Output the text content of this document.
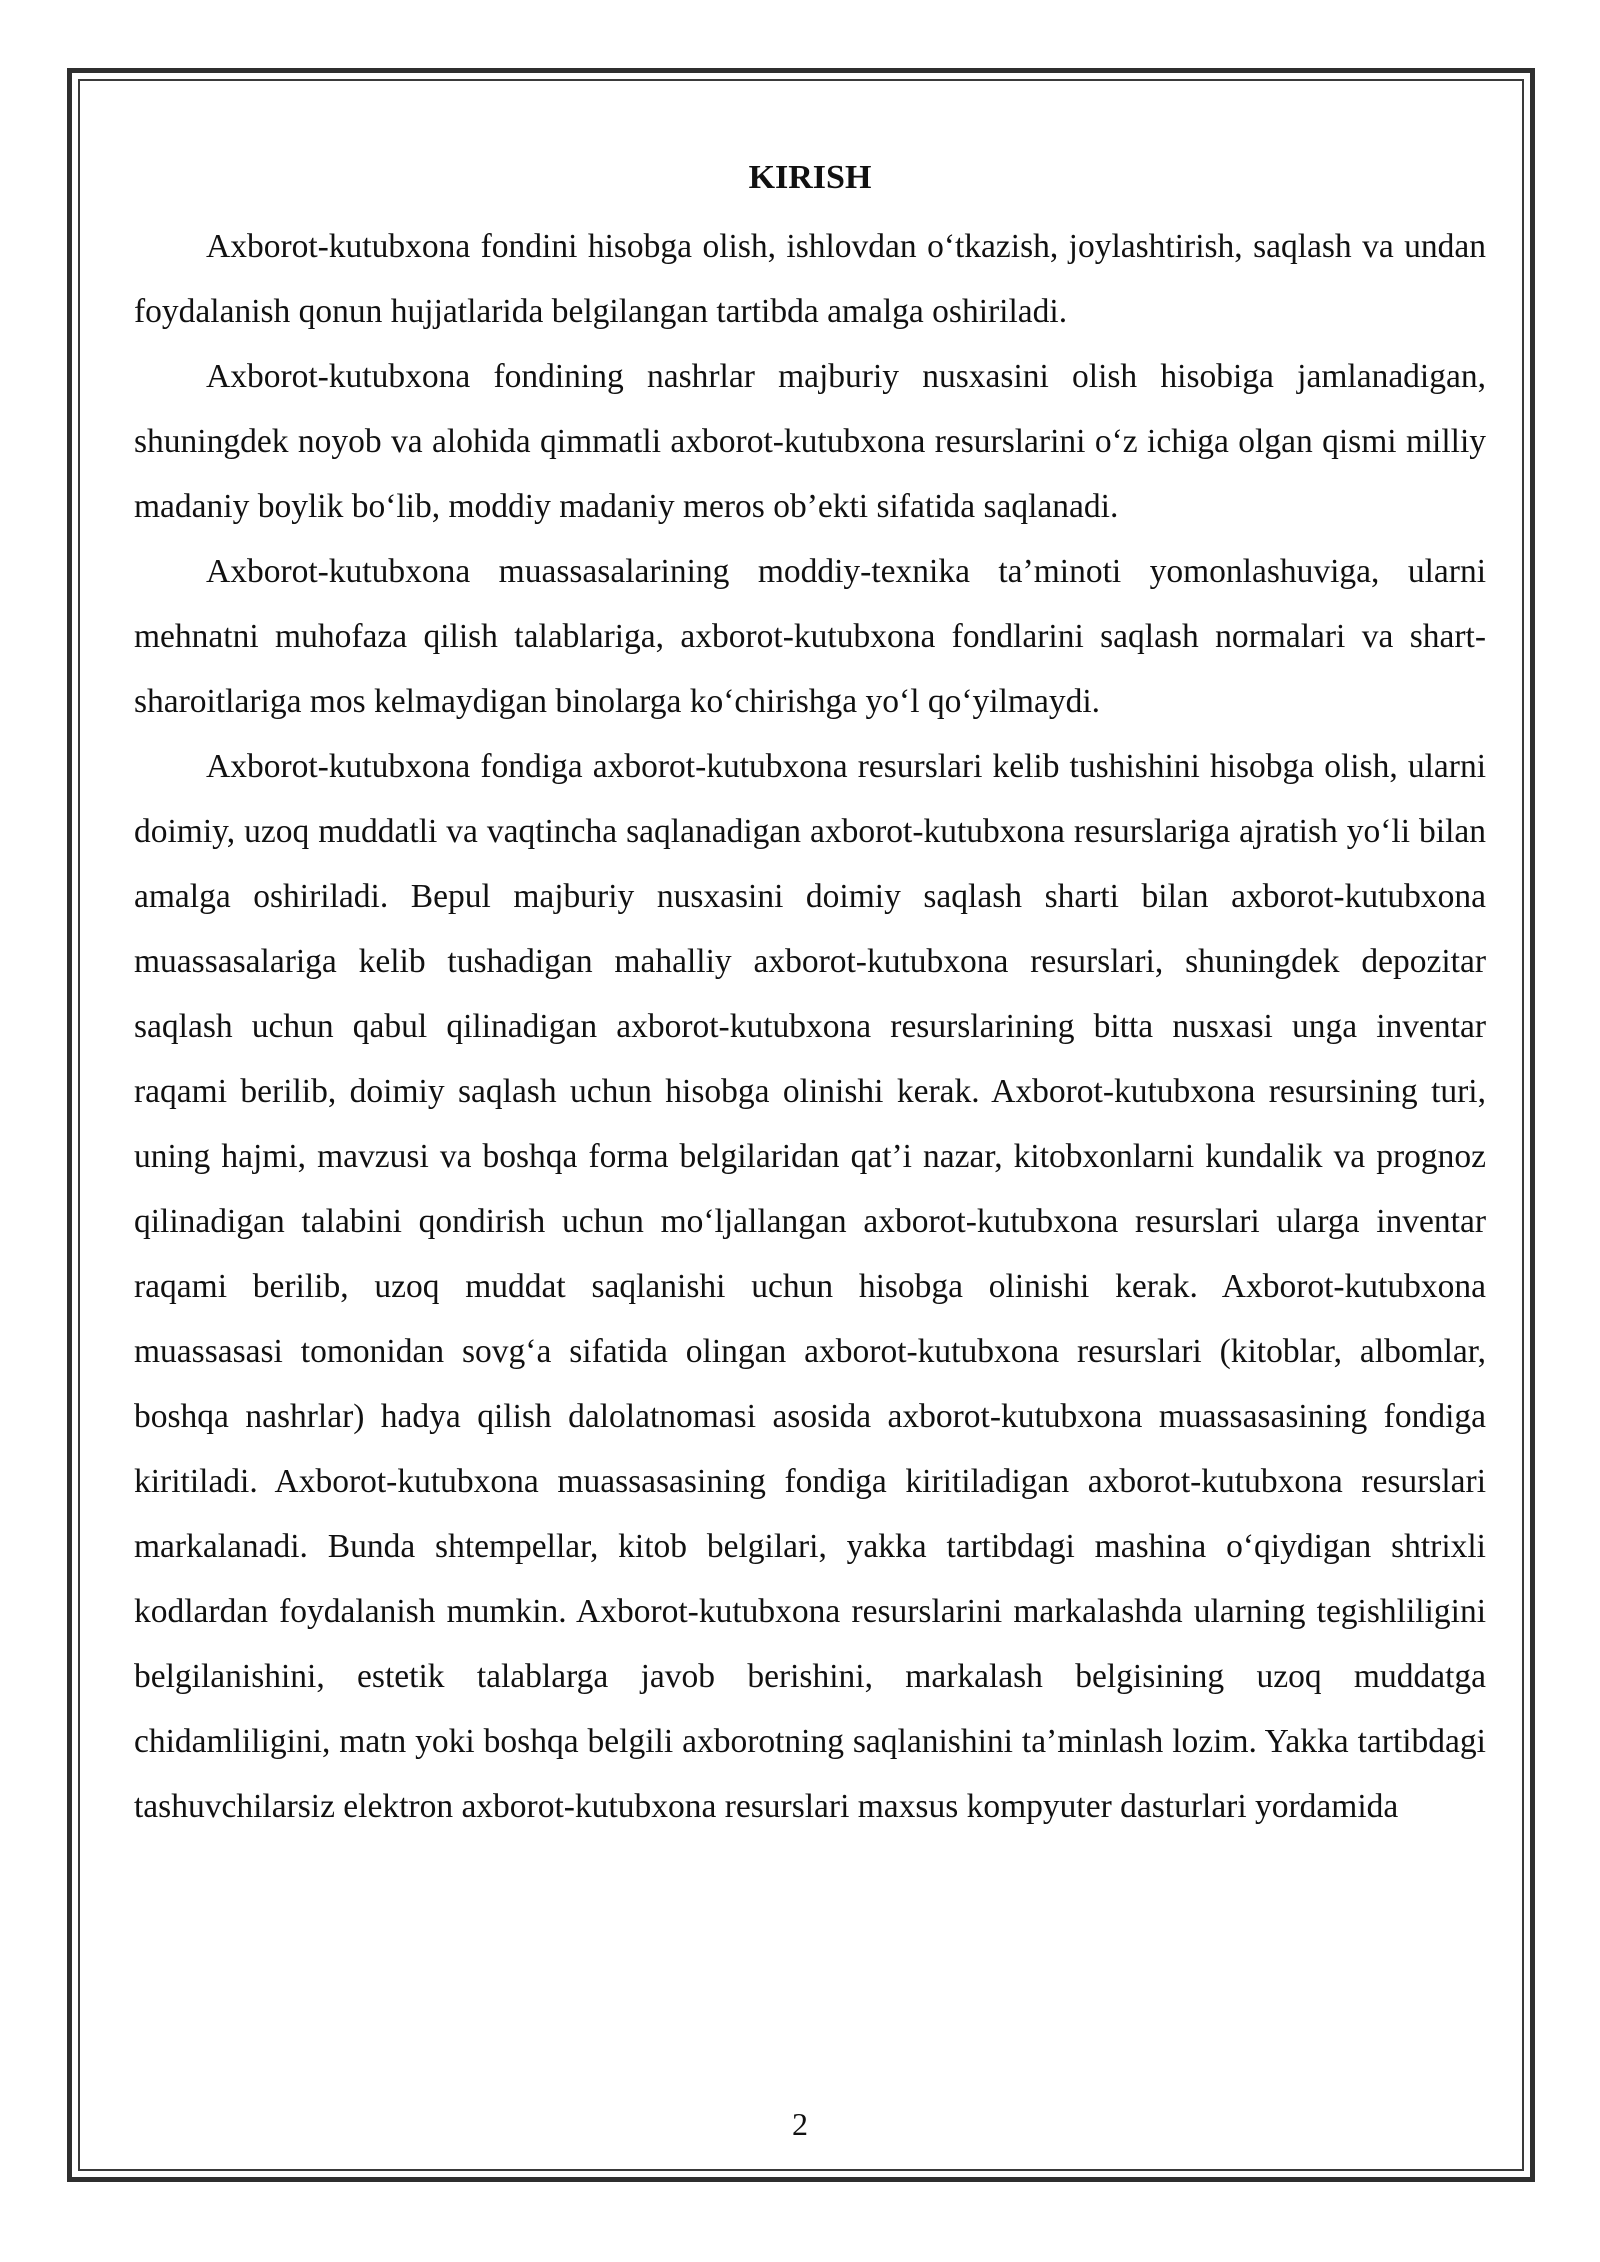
KIRISH

Axborot-kutubxona fondini hisobga olish, ishlovdan o‘tkazish, joylashtirish, saqlash va undan foydalanish qonun hujjatlarida belgilangan tartibda amalga oshiriladi.

Axborot-kutubxona fondining nashrlar majburiy nusxasini olish hisobiga jamlanadigan, shuningdek noyob va alohida qimmatli axborot-kutubxona resurslarini o‘z ichiga olgan qismi milliy madaniy boylik bo‘lib, moddiy madaniy meros ob’ekti sifatida saqlanadi.

Axborot-kutubxona muassasalarining moddiy-texnika ta’minoti yomonlashuviga, ularni mehnatni muhofaza qilish talablariga, axborot-kutubxona fondlarini saqlash normalari va shart-sharoitlariga mos kelmaydigan binolarga ko‘chirishga yo‘l qo‘yilmaydi.

Axborot-kutubxona fondiga axborot-kutubxona resurslari kelib tushishini hisobga olish, ularni doimiy, uzoq muddatli va vaqtincha saqlanadigan axborot-kutubxona resurslariga ajratish yo‘li bilan amalga oshiriladi. Bepul majburiy nusxasini doimiy saqlash sharti bilan axborot-kutubxona muassasalariga kelib tushadigan mahalliy axborot-kutubxona resurslari, shuningdek depozitar saqlash uchun qabul qilinadigan axborot-kutubxona resurslarining bitta nusxasi unga inventar raqami berilib, doimiy saqlash uchun hisobga olinishi kerak. Axborot-kutubxona resursining turi, uning hajmi, mavzusi va boshqa forma belgilaridan qat’i nazar, kitobxonlarni kundalik va prognoz qilinadigan talabini qondirish uchun mo‘ljallangan axborot-kutubxona resurslari ularga inventar raqami berilib, uzoq muddat saqlanishi uchun hisobga olinishi kerak. Axborot-kutubxona muassasasi tomonidan sovg‘a sifatida olingan axborot-kutubxona resurslari (kitoblar, albomlar, boshqa nashrlar) hadya qilish dalolatnomasi asosida axborot-kutubxona muassasasining fondiga kiritiladi. Axborot-kutubxona muassasasining fondiga kiritiladigan axborot-kutubxona resurslari markalanadi. Bunda shtempellar, kitob belgilari, yakka tartibdagi mashina o‘qiydigan shtrixli kodlardan foydalanish mumkin. Axborot-kutubxona resurslarini markalashda ularning tegishliligini belgilanishini, estetik talablarga javob berishini, markalash belgisining uzoq muddatga chidamliligini, matn yoki boshqa belgili axborotning saqlanishini ta’minlash lozim. Yakka tartibdagi tashuvchilarsiz elektron axborot-kutubxona resurslari maxsus kompyuter dasturlari yordamida

2
